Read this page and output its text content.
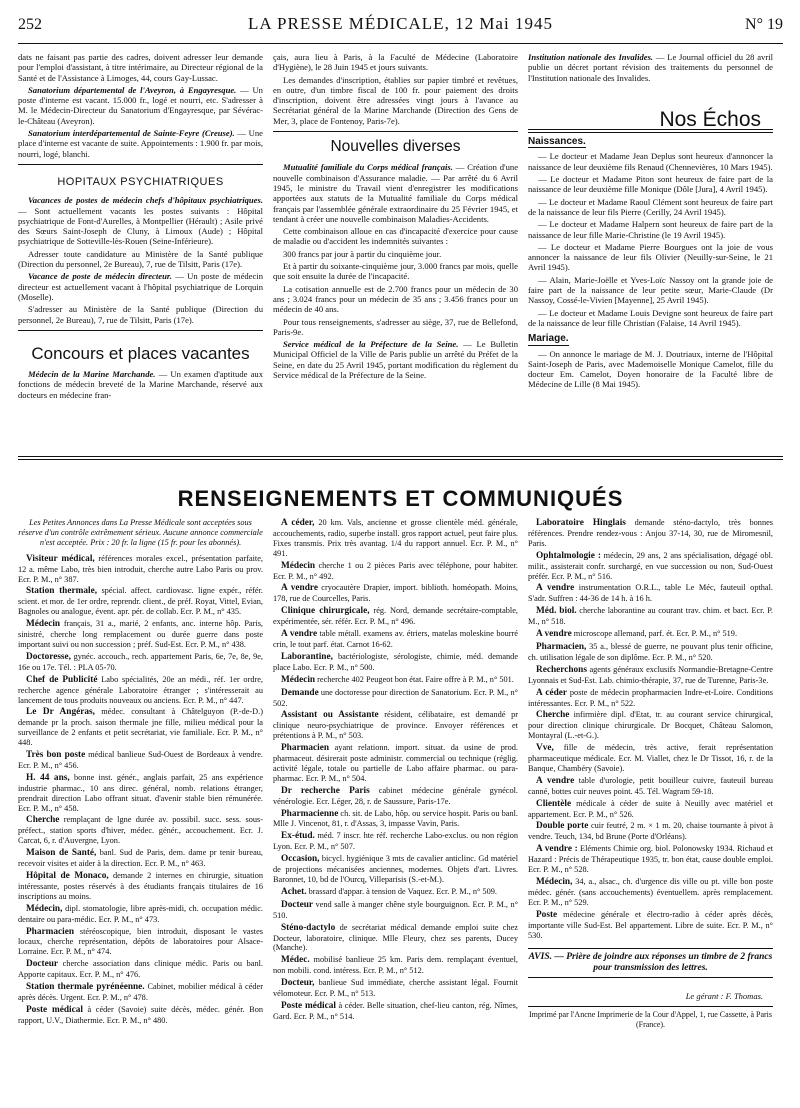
252	LA PRESSE MÉDICALE, 12 Mai 1945	N° 19

dats ne faisant pas partie des cadres, doivent adresser leur demande pour l'emploi d'assistant, à titre intérimaire, au Directeur régional de la Santé et de l'Assistance à Limoges, 44, cours Gay-Lussac.

Sanatorium départemental de l'Aveyron, à Engayresque. — Un poste d'interne est vacant. 15.000 fr., logé et nourri, etc. S'adresser à M. le Médecin-Directeur du Sanatorium d'Engayresque, par Sévérac-le-Château (Aveyron).

Sanatorium interdépartemental de Sainte-Feyre (Creuse). — Une place d'interne est vacante de suite. Appointements : 1.900 fr. par mois, nourri, logé, blanchi.

HOPITAUX PSYCHIATRIQUES

Vacances de postes de médecin chefs d'hôpitaux psychiatriques. — Sont actuellement vacants les postes suivants : Hôpital psychiatrique de Font-d'Aurelles, à Montpellier (Hérault) ; Asile privé des Sœurs Saint-Joseph de Cluny, à Limoux (Aude) ; Hôpital psychiatrique de Sotteville-lès-Rouen (Seine-Inférieure).

Adresser toute candidature au Ministère de la Santé publique (Direction du personnel, 2e Bureau), 7, rue de Tilsitt, Paris (17e).

Vacance de poste de médecin directeur. — Un poste de médecin directeur est actuellement vacant à l'hôpital psychiatrique de Lorquin (Moselle).

S'adresser au Ministère de la Santé publique (Direction du personnel, 2e Bureau), 7, rue de Tilsitt, Paris (17e).

Concours et places vacantes

Médecin de la Marine Marchande. — Un examen d'aptitude aux fonctions de médecin breveté de la Marine Marchande, réservé aux docteurs en médecine fran-

çais, aura lieu à Paris, à la Faculté de Médecine (Laboratoire d'Hygiène), le 28 Juin 1945 et jours suivants.

Les demandes d'inscription, établies sur papier timbré et revêtues, en outre, d'un timbre fiscal de 100 fr. pour paiement des droits d'inscription, doivent être adressées vingt jours à l'avance au Secrétariat général de la Marine Marchande (Direction des Gens de Mer, 3, place de Fontenoy, Paris-7e).

Nouvelles diverses

Mutualité familiale du Corps médical français. — Création d'une nouvelle combinaison d'Assurance maladie. — Par arrêté du 6 Avril 1945, le ministre du Travail vient d'enregistrer les modifications apportées aux statuts de la Mutualité familiale du Corps médical français par l'assemblée générale extraordinaire du 25 Février 1945, et tendant à créer une nouvelle combinaison Maladies-Accidents.

Cette combinaison alloue en cas d'incapacité d'exercice pour cause de maladie ou d'accident les indemnités suivantes :

300 francs par jour à partir du cinquième jour.

Et à partir du soixante-cinquième jour, 3.000 francs par mois, quelle que soit ensuite la durée de l'incapacité.

La cotisation annuelle est de 2.700 francs pour un médecin de 30 ans ; 3.024 francs pour un médecin de 35 ans ; 3.456 francs pour un médecin de 40 ans.

Pour tous renseignements, s'adresser au siège, 37, rue de Bellefond, Paris-9e.

Service médical de la Préfecture de la Seine. — Le Bulletin Municipal Officiel de la Ville de Paris publie un arrêté du Préfet de la Seine, en date du 25 Avril 1945, portant modification du règlement du Service médical de la Préfecture de la Seine.

Institution nationale des Invalides. — Le Journal officiel du 28 avril publie un décret portant révision des traitements du personnel de l'Institution nationale des Invalides.

Nos Échos
Naissances.

— Le docteur et Madame Jean Deplus sont heureux d'annoncer la naissance de leur deuxième fils Renaud (Chennevières, 10 Mars 1945).

— Le docteur et Madame Piton sont heureux de faire part de la naissance de leur deuxième fille Monique (Dôle [Jura], 4 Avril 1945).

— Le docteur et Madame Raoul Clément sont heureux de faire part de la naissance de leur fils Pierre (Cerilly, 24 Avril 1945).

— Le docteur et Madame Halpern sont heureux de faire part de la naissance de leur fille Marie-Christine (le 19 Avril 1945).

— Le docteur et Madame Pierre Bourgues ont la joie de vous annoncer la naissance de leur fils Olivier (Neuilly-sur-Seine, le 21 Avril 1945).

— Alain, Marie-Joëlle et Yves-Loïc Nassoy ont la grande joie de faire part de la naissance de leur petite sœur, Marie-Claude (Dr Nassoy, Cossé-le-Vivien [Mayenne], 25 Avril 1945).

— Le docteur et Madame Louis Devigne sont heureux de faire part de la naissance de leur fille Christian (Falaise, 14 Avril 1945).

Mariage.

— On annonce le mariage de M. J. Doutriaux, interne de l'Hôpital Saint-Joseph de Paris, avec Mademoiselle Monique Camelot, fille du docteur Em. Camelot, Doyen honoraire de la Faculté libre de Médecine de Lille (8 Mai 1945).

RENSEIGNEMENTS ET COMMUNIQUÉS
Les Petites Annonces dans La Presse Médicale sont acceptées sous réserve d'un contrôle extrêmement sérieux. Aucune annonce commerciale n'est acceptée. Prix : 20 fr. la ligne (15 fr. pour les abonnés).

Visiteur médical, références morales excel., présentation parfaite, 12 a. même Labo, très bien introduit, cherche autre Labo Paris ou prov. Ecr. P. M., n° 387.

Station thermale, spécial. affect. cardiovasc. ligne expér., référ. scient. et mor. de 1er ordre, reprendr. client., de préf. Royat, Vittel, Evian, Bagnoles ou analogue, évent. apr. pér. de collab. Ecr. P. M., n° 435.

Médecin français, 31 a., marié, 2 enfants, anc. interne hôp. Paris, sinistré, cherche long remplacement ou durée guerre dans poste important suivi ou non succession ; préf. Sud-Est. Ecr. P. M., n° 438.

Doctoresse, gynéc. accouch., rech. appartement Paris, 6e, 7e, 8e, 9e, 16e ou 17e. Tél. : PLA 05-70.

Chef de Publicité Labo spécialités, 20e an médi., réf. 1er ordre, recherche agence générale Laboratoire étranger ; s'intéresserait au lancement de tous produits nouveaux ou anciens. Ecr. P. M., n° 447.

Le Dr Angéras, médec. consultant à Châtelguyon (P.-de-D.) demande pr la proch. saison thermale jne fille, milieu médical pour la surveillance de 2 enfants et petit secrétariat, vie familiale. Ecr. P. M., n° 448.

Très bon poste médical banlieue Sud-Ouest de Bordeaux à vendre. Ecr. P. M., n° 456.

H. 44 ans, bonne inst. génér., anglais parfait, 25 ans expérience industrie pharmac., 10 ans direc. général, nomb. relations étranger, prendrait direction Labo offrant situat. d'avenir stable bien rémunérée. Ecr. P. M., n° 458.

Cherche remplaçant de lgne durée av. possibil. succ. sess. sous-préfect., station sports d'hiver, médec. génér., accouchement. Ecr. J. Carcat, 6, r. d'Auvergne, Lyon.

Maison de Santé, banl. Sud de Paris, dem. dame pr tenir bureau, recevoir visites et aider à la direction. Ecr. P. M., n° 463.

Hôpital de Monaco, demande 2 internes en chirurgie, situation intéressante, postes réservés à des étudiants français titulaires de 16 inscriptions au moins.

Médecin, dipl. stomatologie, libre après-midi, ch. occupation médic. dentaire ou para-médic. Ecr. P. M., n° 473.

Pharmacien stéréoscopique, bien introduit, disposant le vastes locaux, cherche représentation, dépôts de laboratoires pour Alsace-Lorraine. Ecr. P. M., n° 474.

Docteur cherche association dans clinique médic. Paris ou banl. Apporte capitaux. Ecr. P. M., n° 476.

Station thermale pyrénéenne. Cabinet, mobilier médical à céder après décès. Urgent. Ecr. P. M., n° 478.

Poste médical à céder (Savoie) suite décès, médec. génér. Bon rapport, U.V., Diathermie. Ecr. P. M., n° 480.

A céder, 20 km. Vals, ancienne et grosse clientèle méd. générale, accouchements, radio, superbe install. gros rapport actuel, peut faire plus. Fixes transmis. Prix très avantag. 1/4 du rapport annuel. Ecr. P. M., n° 491.

Médecin cherche 1 ou 2 pièces Paris avec téléphone, pour habiter. Ecr. P. M., n° 492.

A vendre cryocautère Drapier, import. biblioth. homéopath. Moins, 178, rue de Courcelles, Paris.

Clinique chirurgicale, rég. Nord, demande secrétaire-comptable, expérimentée, sér. référ. Ecr. P. M., n° 496.

A vendre table métall. examens av. étriers, matelas moleskine bourré crin, le tout parf. état. Carnot 16-62.

Laborantine, bactériologiste, sérologiste, chimie, méd. demande place Labo. Ecr. P. M., n° 500.

Médecin recherche 402 Peugeot bon état. Faire offre à P. M., n° 501.

Demande une doctoresse pour direction de Sanatorium. Ecr. P. M., n° 502.

Assistant ou Assistante résident, célibataire, est demandé pr clinique neuro-psychiatrique de province. Envoyer références et prétentions à P. M., n° 503.

Pharmacien ayant relationn. import. situat. da usine de prod. pharmaceut. désirerait poste administr. commercial ou technique (réglig. activité légale, totale ou partielle de Labo affaire pharmac. ou para-pharmac. Ecr. P. M., n° 504.

Dr recherche Paris cabinet médecine générale gynécol. vénérologie. Ecr. Léger, 28, r. de Saussure, Paris-17e.

Pharmacienne ch. sit. de Labo, hôp. ou service hospit. Paris ou banl. Mlle J. Vincenot, 81, r. d'Assas, 3, impasse Vavin, Paris.

Ex-étud. méd. 7 inscr. hte réf. recherche Labo-exclus. ou non région Lyon. Ecr. P. M., n° 507.

Occasion, bicycl. hygiénique 3 mts de cavalier anticlinc. Gd matériel de projections mécanisées anciennes, modernes. Objets d'art. Livres. Baronnet, 10, bd de l'Ourcq, Villeparisis (S.-et-M.).

Achet. brassard d'appar. à tension de Vaquez. Ecr. P. M., n° 509.

Docteur vend salle à manger chêne style bourguignon. Ecr. P. M., n° 510.

Sténo-dactylo de secrétariat médical demande emploi suite chez Docteur, laboratoire, clinique. Mlle Fleury, chez ses parents, Ducey (Manche).

Médec. mobilisé banlieue 25 km. Paris dem. remplaçant éventuel, non mobili. cond. intéress. Ecr. P. M., n° 512.

Docteur, banlieue Sud immédiate, cherche assistant légal. Fournit vélomoteur. Ecr. P. M., n° 513.

Poste médical à céder. Belle situation, chef-lieu canton, rég. Nîmes, Gard. Ecr. P. M., n° 514.

Laboratoire Hinglais demande sténo-dactylo, très bonnes références. Prendre rendez-vous : Anjou 37-14, 30, rue de Miromesnil, Paris.

Ophtalmologie : médecin, 29 ans, 2 ans spécialisation, dégagé obl. milit., assisterait confr. surchargé, en vue succession ou non, Sud-Ouest préfér. Ecr. P. M., n° 516.

A vendre instrumentation O.R.L., table Le Méc, fauteuil opthal. S'adr. Suffren : 44-36 de 14 h. à 16 h.

Méd. biol. cherche laborantine au courant trav. chim. et bact. Ecr. P. M., n° 518.

A vendre microscope allemand, parf. ét. Ecr. P. M., n° 519.

Pharmacien, 35 a., blessé de guerre, ne pouvant plus tenir officine, ch. utilisation légale de son diplôme. Ecr. P. M., n° 520.

Recherchons agents généraux exclusifs Normandie-Bretagne-Centre Lyonnais et Sud-Est. Lab. chimio-thérapie, 37, rue de Turenne, Paris-3e.

A céder poste de médecin propharmacien Indre-et-Loire. Conditions intéressantes. Ecr. P. M., n° 522.

Cherche infirmière dipl. d'Etat, tr. au courant service chirurgical, pour direction clinique chirurgicale. Dr Bocquet, Château Salomon, Montayral (L.-et-G.).

Vve, fille de médecin, très active, ferait représentation pharmaceutique médicale. Ecr. M. Viallet, chez le Dr Tissot, 16, r. de la Banque, Chambéry (Savoie).

A vendre table d'urologie, petit bouilleur cuivre, fauteuil bureau canné, bottes cuir neuves point. 45. Tél. Wagram 59-18.

Clientèle médicale à céder de suite à Neuilly avec matériel et appartement. Ecr. P. M., n° 526.

Double porte cuir feutré, 2 m. × 1 m. 20, chaise tournante à pivot à vendre. Teuch, 134, bd Brune (Porte d'Orléans).

A vendre : Eléments Chimie org. biol. Polonowsky 1934. Richaud et Hazard : Précis de Thérapeutique 1935, tr. bon état, cause double emploi. Ecr. P. M., n° 528.

Médecin, 34, a., alsac., ch. d'urgence dis ville ou pt. ville bon poste médec. génér. (sans accouchements) éventuellem. après remplacement. Ecr. P. M., n° 529.

Poste médecine générale et électro-radio à céder après décès, importante ville Sud-Est. Bel appartement. Libre de suite. Ecr. P. M., n° 530.

AVIS. — Prière de joindre aux réponses un timbre de 2 francs pour transmission des lettres.
Le gérant : F. Thomas.
Imprimé par l'Ancne Imprimerie de la Cour d'Appel, 1, rue Cassette, à Paris (France).
